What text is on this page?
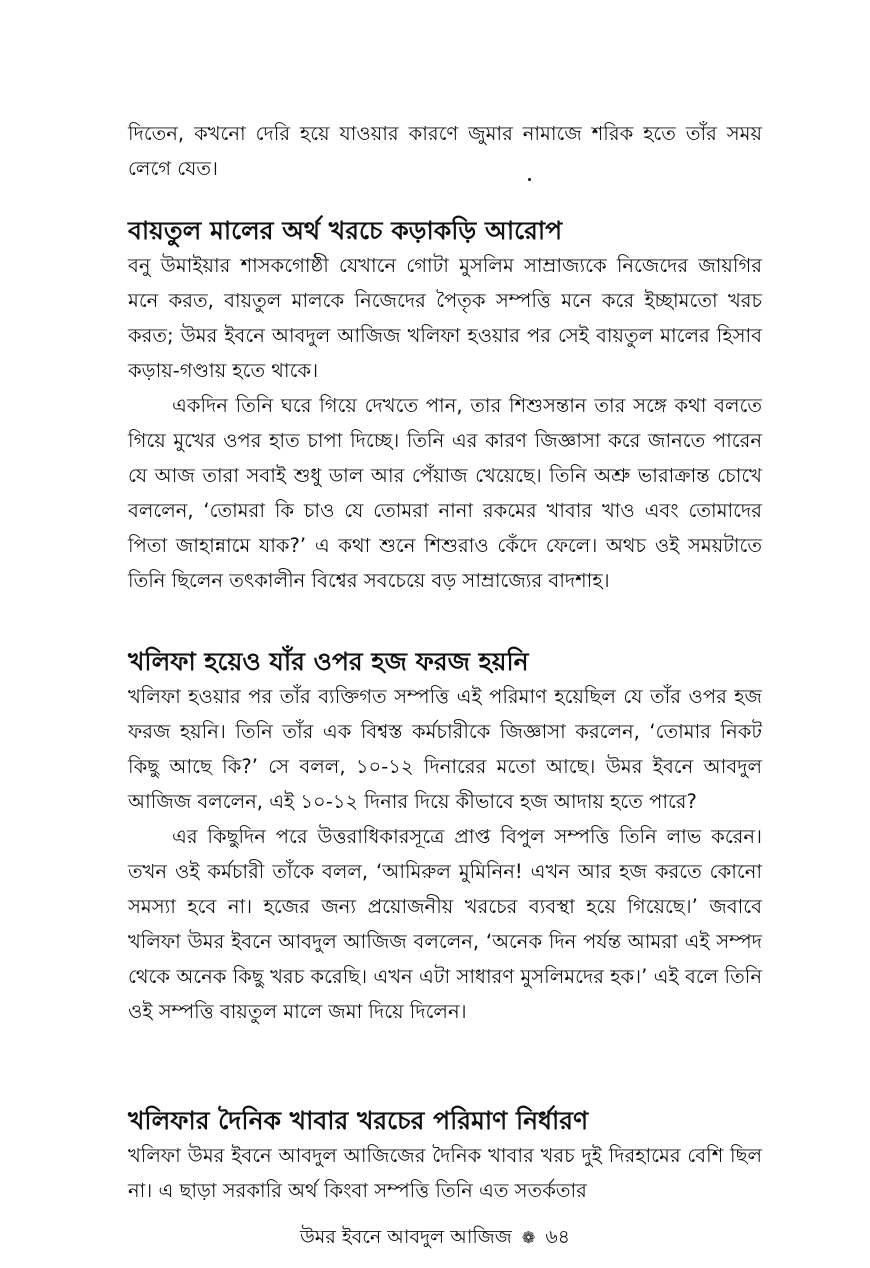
দিতেন, কখনো দেরি হয়ে যাওয়ার কারণে জুমার নামাজে শরিক হতে তাঁর সময় লেগে যেত।

বায়তুল মালের অর্থ খরচে কড়াকড়ি আরোপ

বনু উমাইয়ার শাসকগোষ্ঠী যেখানে গোটা মুসলিম সাম্রাজ্যকে নিজেদের জায়গির মনে করত, বায়তুল মালকে নিজেদের পৈতৃক সম্পত্তি মনে করে ইচ্ছামতো খরচ করত; উমর ইবনে আবদুল আজিজ খলিফা হওয়ার পর সেই বায়তুল মালের হিসাব কড়ায়-গণ্ডায় হতে থাকে।

একদিন তিনি ঘরে গিয়ে দেখতে পান, তার শিশুসন্তান তার সঙ্গে কথা বলতে গিয়ে মুখের ওপর হাত চাপা দিচ্ছে। তিনি এর কারণ জিজ্ঞাসা করে জানতে পারেন যে আজ তারা সবাই শুধু ডাল আর পেঁয়াজ খেয়েছে। তিনি অশ্রু ভারাক্রান্ত চোখে বললেন, ‘তোমরা কি চাও যে তোমরা নানা রকমের খাবার খাও এবং তোমাদের পিতা জাহান্নামে যাক?’ এ কথা শুনে শিশুরাও কেঁদে ফেলে। অথচ ওই সময়টাতে তিনি ছিলেন তৎকালীন বিশ্বের সবচেয়ে বড় সাম্রাজ্যের বাদশাহ।

খলিফা হয়েও যাঁর ওপর হজ ফরজ হয়নি

খলিফা হওয়ার পর তাঁর ব্যক্তিগত সম্পত্তি এই পরিমাণ হয়েছিল যে তাঁর ওপর হজ ফরজ হয়নি। তিনি তাঁর এক বিশ্বস্ত কর্মচারীকে জিজ্ঞাসা করলেন, ‘তোমার নিকট কিছু আছে কি?’ সে বলল, ১০-১২ দিনারের মতো আছে। উমর ইবনে আবদুল আজিজ বললেন, এই ১০-১২ দিনার দিয়ে কীভাবে হজ আদায় হতে পারে?

এর কিছুদিন পরে উত্তরাধিকারসূত্রে প্রাপ্ত বিপুল সম্পত্তি তিনি লাভ করেন। তখন ওই কর্মচারী তাঁকে বলল, ‘আমিরুল মুমিনিন! এখন আর হজ করতে কোনো সমস্যা হবে না। হজের জন্য প্রয়োজনীয় খরচের ব্যবস্থা হয়ে গিয়েছে।’ জবাবে খলিফা উমর ইবনে আবদুল আজিজ বললেন, ‘অনেক দিন পর্যন্ত আমরা এই সম্পদ থেকে অনেক কিছু খরচ করেছি। এখন এটা সাধারণ মুসলিমদের হক।’ এই বলে তিনি ওই সম্পত্তি বায়তুল মালে জমা দিয়ে দিলেন।

খলিফার দৈনিক খাবার খরচের পরিমাণ নির্ধারণ

খলিফা উমর ইবনে আবদুল আজিজের দৈনিক খাবার খরচ দুই দিরহামের বেশি ছিল না। এ ছাড়া সরকারি অর্থ কিংবা সম্পত্তি তিনি এত সতর্কতার

উমর ইবনে আবদুল আজিজ ❁ ৬৪
